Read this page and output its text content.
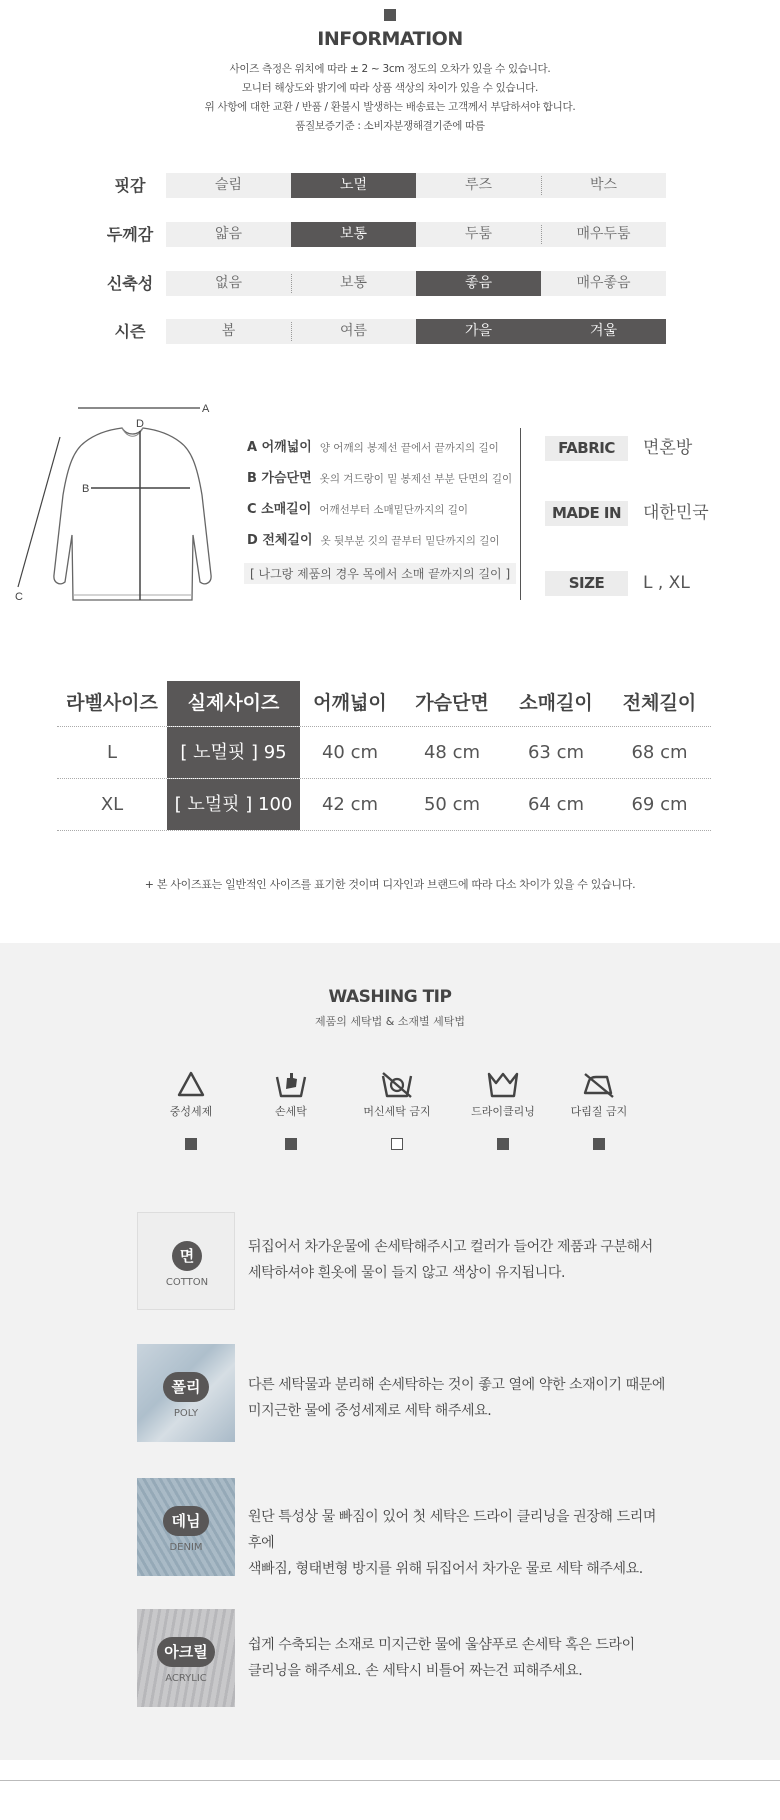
INFORMATION
사이즈 측정은 위치에 따라 ± 2 ~ 3cm 정도의 오차가 있을 수 있습니다.
모니터 해상도와 밝기에 따라 상품 색상의 차이가 있을 수 있습니다.
위 사항에 대한 교환 / 반품 / 환불시 발생하는 배송료는 고객께서 부담하셔야 합니다.
품질보증기준 : 소비자분쟁해결기준에 따름
핏감	슬림	노멀	루즈	박스
두께감	얇음	보통	두툼	매우두툼
신축성	없음	보통	좋음	매우좋음
시즌	봄	여름	가을	겨울
A
C
B
D
A 어깨넓이 양 어깨의 봉제선 끝에서 끝까지의 길이
B 가슴단면 옷의 겨드랑이 밑 봉제선 부분 단면의 길이
C 소매길이 어깨선부터 소매밑단까지의 길이
D 전체길이 옷 뒷부분 깃의 끝부터 밑단까지의 길이
[ 나그랑 제품의 경우 목에서 소매 끝까지의 길이 ]
FABRIC	면혼방
MADE IN	대한민국
SIZE	L , XL
라벨사이즈	실제사이즈	어깨넓이	가슴단면	소매길이	전체길이
L	[ 노멀핏 ] 95	40 cm	48 cm	63 cm	68 cm
XL	[ 노멀핏 ] 100	42 cm	50 cm	64 cm	69 cm
+ 본 사이즈표는 일반적인 사이즈를 표기한 것이며 디자인과 브랜드에 따라 다소 차이가 있을 수 있습니다.
WASHING TIP
제품의 세탁법 & 소재별 세탁법
중성세제	손세탁	머신세탁 금지	드라이클리닝	다림질 금지
면
COTTON
뒤집어서 차가운물에 손세탁해주시고 컬러가 들어간 제품과 구분해서
세탁하셔야 흰옷에 물이 들지 않고 색상이 유지됩니다.
폴리
POLY
다른 세탁물과 분리해 손세탁하는 것이 좋고 열에 약한 소재이기 때문에
미지근한 물에 중성세제로 세탁 해주세요.
데님
DENIM
원단 특성상 물 빠짐이 있어 첫 세탁은 드라이 클리닝을 권장해 드리며 후에
색빠짐, 형태변형 방지를 위해 뒤집어서 차가운 물로 세탁 해주세요.
아크릴
ACRYLIC
쉽게 수축되는 소재로 미지근한 물에 울샴푸로 손세탁 혹은 드라이
클리닝을 해주세요. 손 세탁시 비틀어 짜는건 피해주세요.
